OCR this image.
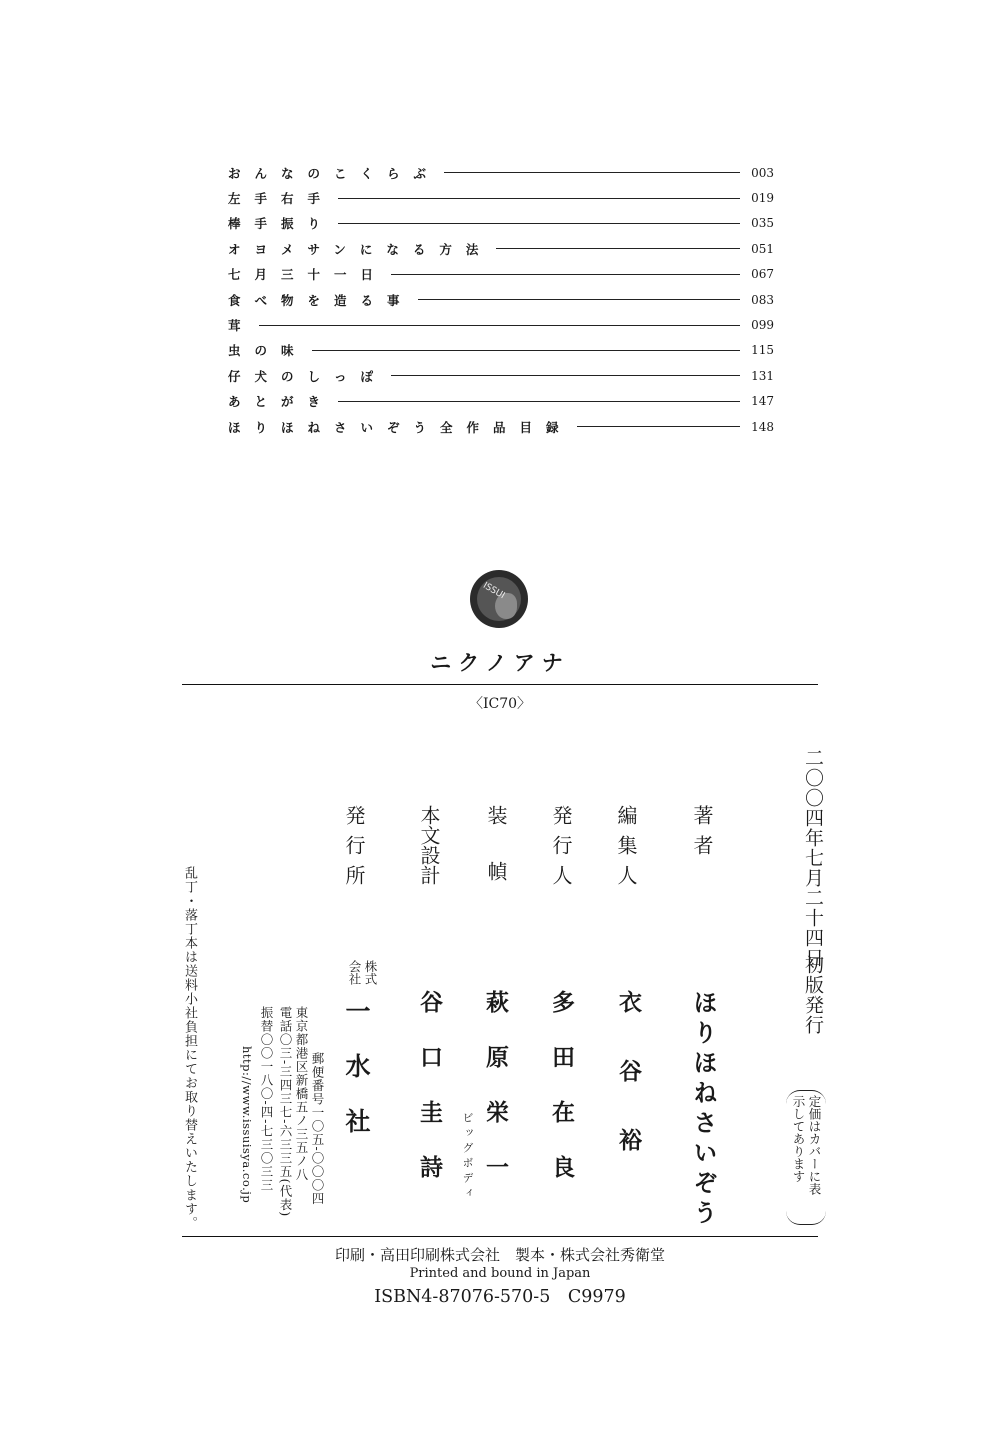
おんなのこくらぶ	003
左手右手	019
棒手振り	035
オヨメサンになる方法	051
七月三十一日	067
食べ物を造る事	083
茸	099
虫の味	115
仔犬のしっぽ	131
あとがき	147
ほりほねさいぞう全作品目録	148
ISSUI
ニクノアナ
〈IC70〉
二〇〇四年七月二十四日
初版発行
定価はカバーに表
示してあります
著者
ほりほねさいぞう
編集人
衣谷裕
発行人
多田在良
装幀
萩原栄一
ビッグボディ
本文設計
谷口圭詩
発行所
株式
会社
一水社
郵便番号一〇五-〇〇〇四
東京都港区新橋五ノ三五ノ八
電話〇三-三四三七-六三三五(代表)
振替〇〇一八〇-四-七三〇三三
http://www.issuisya.co.jp
乱丁・落丁本は送料小社負担にてお取り替えいたします。
印刷・高田印刷株式会社　製本・株式会社秀衛堂
Printed and bound in Japan
ISBN4-87076-570-5　C9979
